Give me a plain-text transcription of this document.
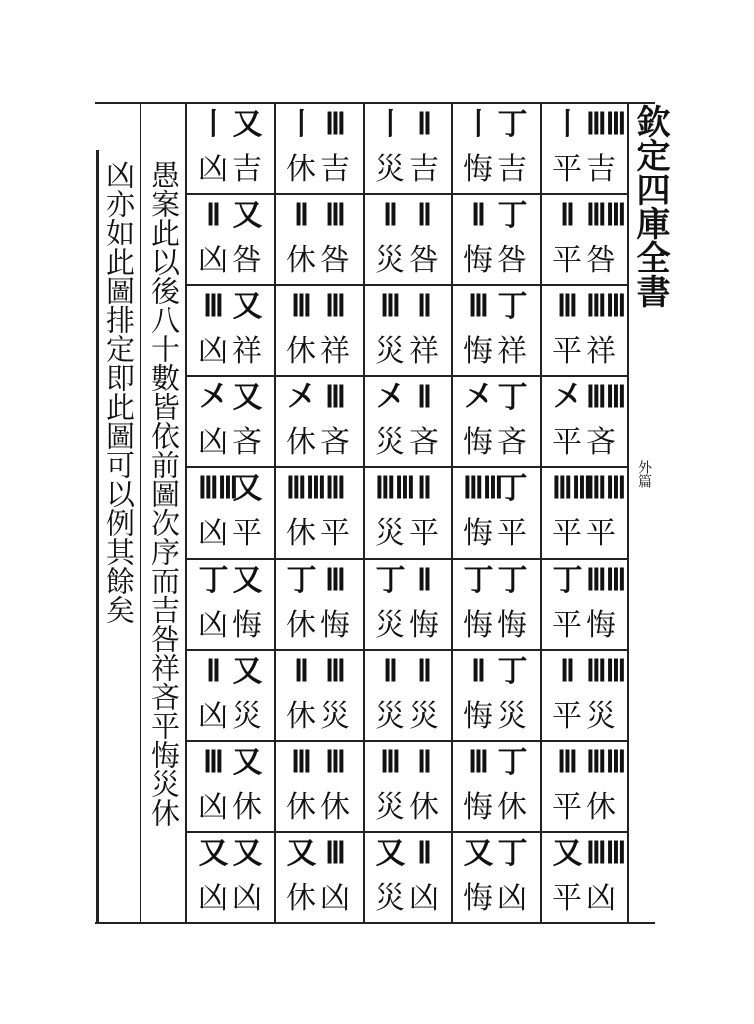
欽定四庫全書
外篇
ⅢⅢ
丨
吉
平
丁
丨
吉
悔
Ⅱ
丨
吉
災
Ⅲ
丨
吉
休
又
丨
吉
凶
ⅢⅢ
Ⅱ
咎
平
丁
Ⅱ
咎
悔
Ⅱ
Ⅱ
咎
災
Ⅲ
Ⅱ
咎
休
又
Ⅱ
咎
凶
ⅢⅢ
Ⅲ
祥
平
丁
Ⅲ
祥
悔
Ⅱ
Ⅲ
祥
災
Ⅲ
Ⅲ
祥
休
又
Ⅲ
祥
凶
ⅢⅢ
㐅
吝
平
丁
㐅
吝
悔
Ⅱ
㐅
吝
災
Ⅲ
㐅
吝
休
又
㐅
吝
凶
ⅢⅢ
ⅢⅢ
平
平
丁
ⅢⅢ
平
悔
Ⅱ
ⅢⅢ
平
災
Ⅲ
ⅢⅢ
平
休
又
ⅢⅢ
平
凶
ⅢⅢ
丁
悔
平
丁
丁
悔
悔
Ⅱ
丁
悔
災
Ⅲ
丁
悔
休
又
丁
悔
凶
ⅢⅢ
Ⅱ
災
平
丁
Ⅱ
災
悔
Ⅱ
Ⅱ
災
災
Ⅲ
Ⅱ
災
休
又
Ⅱ
災
凶
ⅢⅢ
Ⅲ
休
平
丁
Ⅲ
休
悔
Ⅱ
Ⅲ
休
災
Ⅲ
Ⅲ
休
休
又
Ⅲ
休
凶
ⅢⅢ
又
凶
平
丁
又
凶
悔
Ⅱ
又
凶
災
Ⅲ
又
凶
休
又
又
凶
凶
愚案此以後八十數皆依前圖次序而吉咎祥吝平悔災休
凶亦如此圖排定即此圖可以例其餘矣
